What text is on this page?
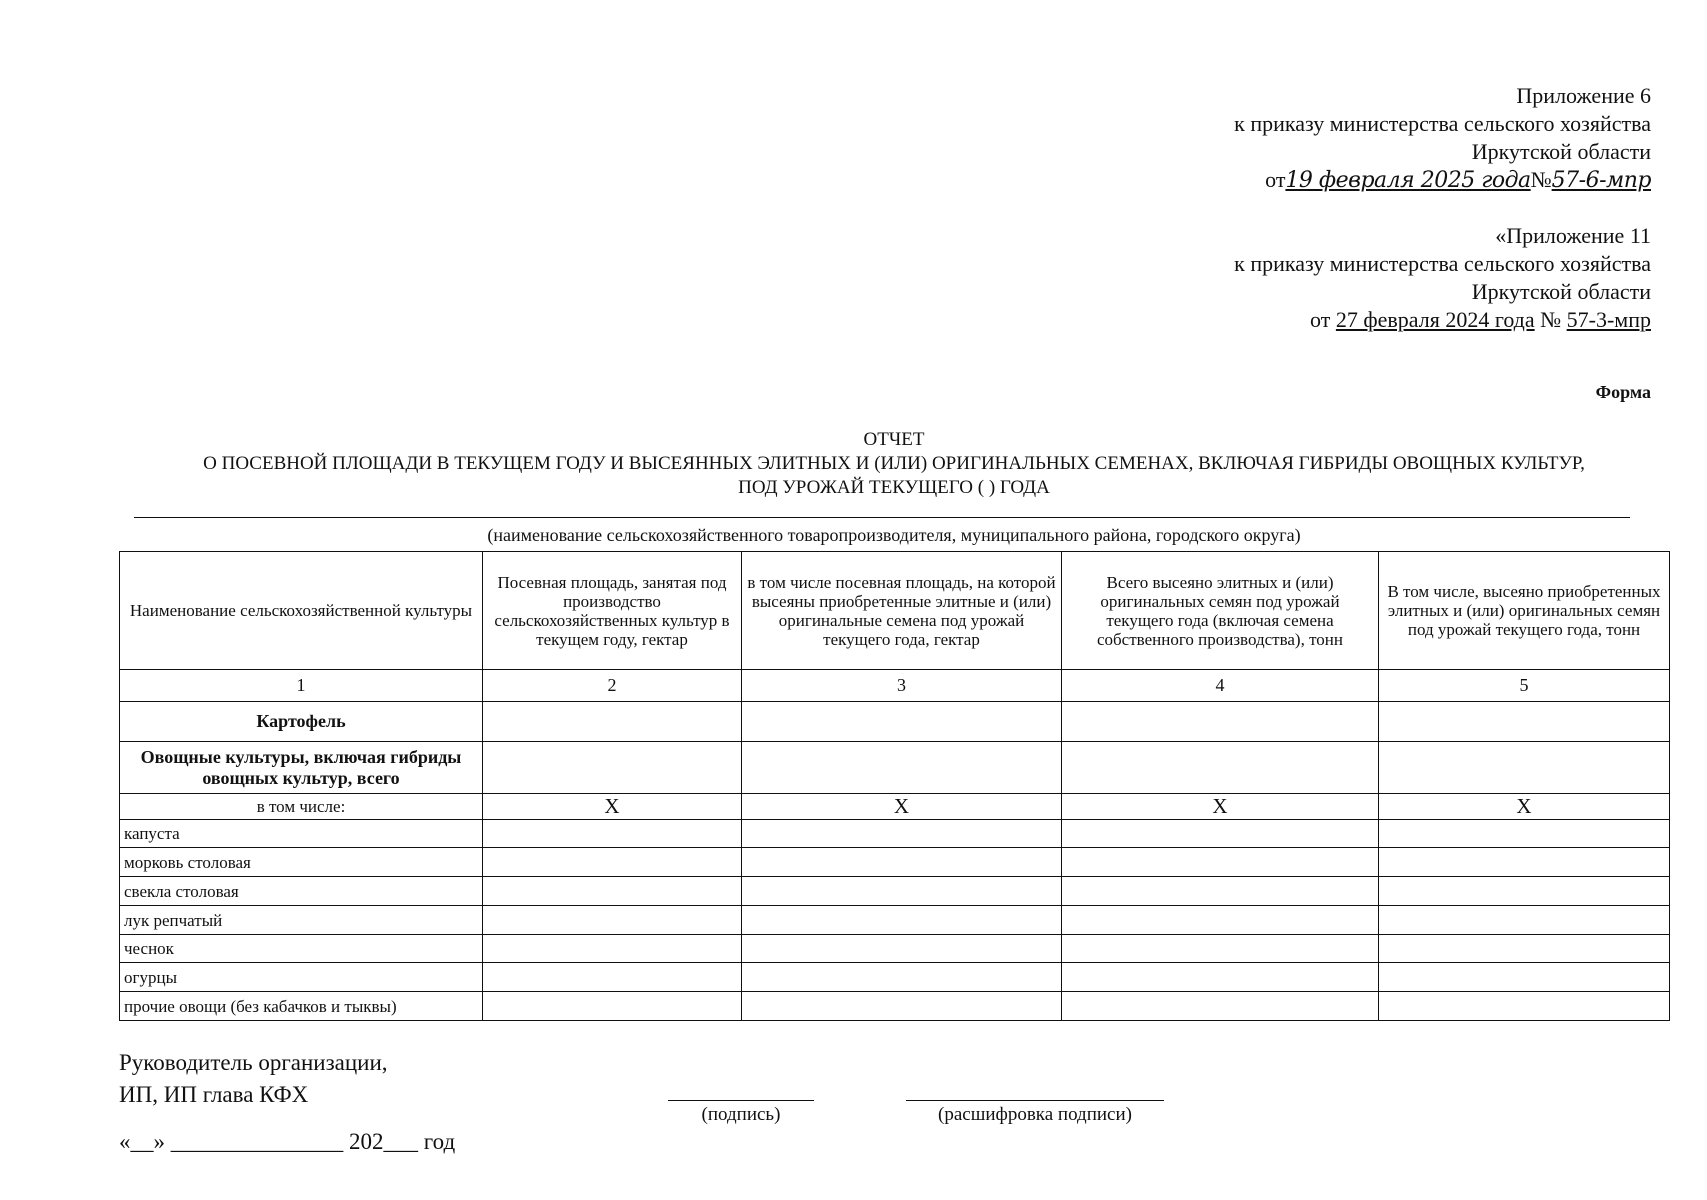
Приложение 6
к приказу министерства сельского хозяйства
Иркутской области
от19 февраля 2025 года№57-6-мпр
«Приложение 11
к приказу министерства сельского хозяйства
Иркутской области
от 27 февраля 2024 года № 57-3-мпр
Форма
ОТЧЕТ
О ПОСЕВНОЙ ПЛОЩАДИ В ТЕКУЩЕМ ГОДУ И ВЫСЕЯННЫХ ЭЛИТНЫХ И (ИЛИ) ОРИГИНАЛЬНЫХ СЕМЕНАХ, ВКЛЮЧАЯ ГИБРИДЫ ОВОЩНЫХ КУЛЬТУР,
ПОД УРОЖАЙ ТЕКУЩЕГО ( ) ГОДА
(наименование сельскохозяйственного товаропроизводителя, муниципального района, городского округа)
Наименование сельскохозяйственной культуры	Посевная площадь, занятая под производство сельскохозяйственных культур в текущем году, гектар	в том числе посевная площадь, на которой высеяны приобретенные элитные и (или) оригинальные семена под урожай текущего года, гектар	Всего высеяно элитных и (или) оригинальных семян под урожай текущего года (включая семена собственного производства), тонн	В том числе, высеяно приобретенных элитных и (или) оригинальных семян под урожай текущего года, тонн
1	2	3	4	5
Картофель				
Овощные культуры, включая гибриды овощных культур, всего				
в том числе:	X	X	X	X
капуста				
морковь столовая				
свекла столовая				
лук репчатый				
чеснок				
огурцы				
прочие овощи (без кабачков и тыквы)				
Руководитель организации,
ИП, ИП глава КФХ
(подпись)	(расшифровка подписи)
«__» _______________ 202___ год
